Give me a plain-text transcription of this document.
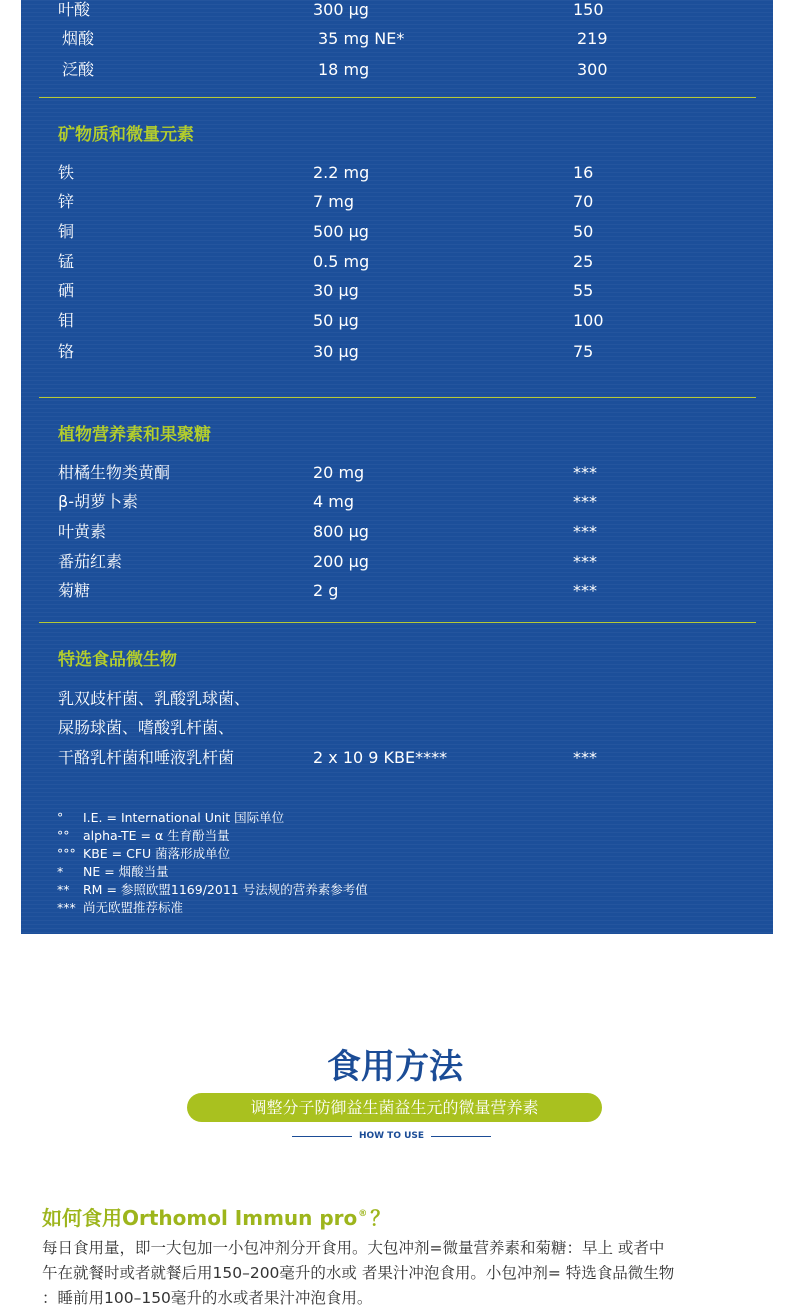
叶酸	300 µg	150
烟酸	35 mg NE*	219
泛酸	18 mg	300
矿物质和微量元素
铁	2.2 mg	16
锌	7 mg	70
铜	500 µg	50
锰	0.5 mg	25
硒	30 µg	55
钼	50 µg	100
铬	30 µg	75
植物营养素和果聚糖
柑橘生物类黄酮	20 mg	***
β-胡萝卜素	4 mg	***
叶黄素	800 µg	***
番茄红素	200 µg	***
菊糖	2 g	***
特选食品微生物
乳双歧杆菌、乳酸乳球菌、
屎肠球菌、嗜酸乳杆菌、
干酪乳杆菌和唾液乳杆菌	2 x 10 9 KBE****	***
° I.E. = International Unit 国际单位
°° alpha-TE = α 生育酚当量
°°° KBE = CFU 菌落形成单位
* NE = 烟酸当量
** RM = 参照欧盟1169/2011 号法规的营养素参考值
*** 尚无欧盟推荐标准
食用方法
调整分子防御益生菌益生元的微量营养素
HOW TO USE
如何食用Orthomol Immun pro® ？
每日食用量，即一大包加一小包冲剂分开食用。大包冲剂=微量营养素和菊糖：早上 或者中
午在就餐时或者就餐后用150–200毫升的水或 者果汁冲泡食用。小包冲剂= 特选食品微生物
：睡前用100–150毫升的水或者果汁冲泡食用。
